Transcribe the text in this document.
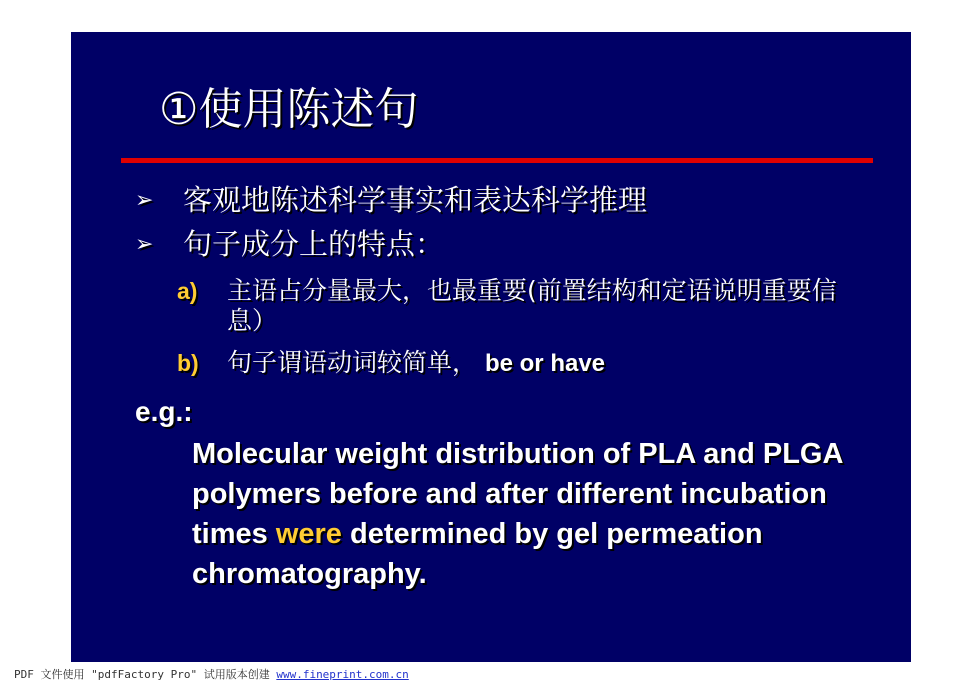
①使用陈述句
➢ 客观地陈述科学事实和表达科学推理
➢ 句子成分上的特点：
a) 主语占分量最大，也最重要(前置结构和定语说明重要信息）
b) 句子谓语动词较简单， be or have
e.g.:
Molecular weight distribution of PLA and PLGA polymers before and after different incubation times were determined by gel permeation chromatography.
PDF 文件使用 "pdfFactory Pro" 试用版本创建 www.fineprint.com.cn
